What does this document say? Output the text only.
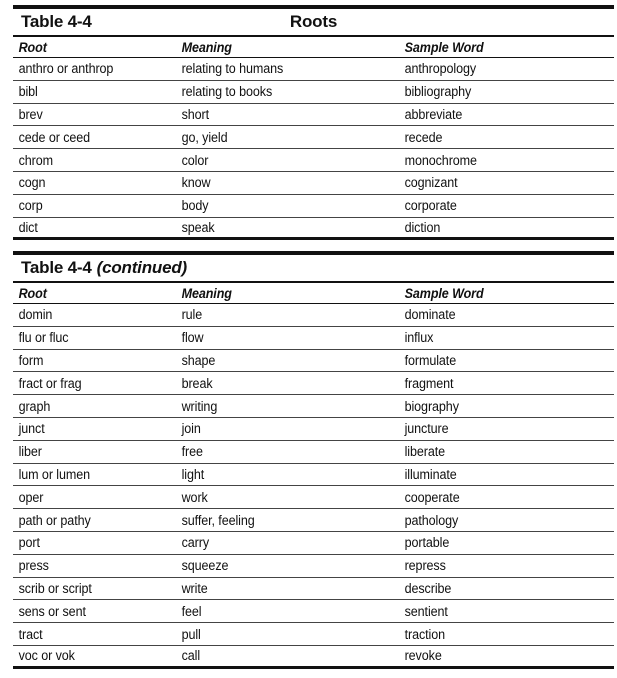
Table 4-4	Roots
Root	Meaning	Sample Word
anthro or anthrop	relating to humans	anthropology
bibl	relating to books	bibliography
brev	short	abbreviate
cede or ceed	go, yield	recede
chrom	color	monochrome
cogn	know	cognizant
corp	body	corporate
dict	speak	diction
Table 4-4 (continued)
Root	Meaning	Sample Word
domin	rule	dominate
flu or fluc	flow	influx
form	shape	formulate
fract or frag	break	fragment
graph	writing	biography
junct	join	juncture
liber	free	liberate
lum or lumen	light	illuminate
oper	work	cooperate
path or pathy	suffer, feeling	pathology
port	carry	portable
press	squeeze	repress
scrib or script	write	describe
sens or sent	feel	sentient
tract	pull	traction
voc or vok	call	revoke
